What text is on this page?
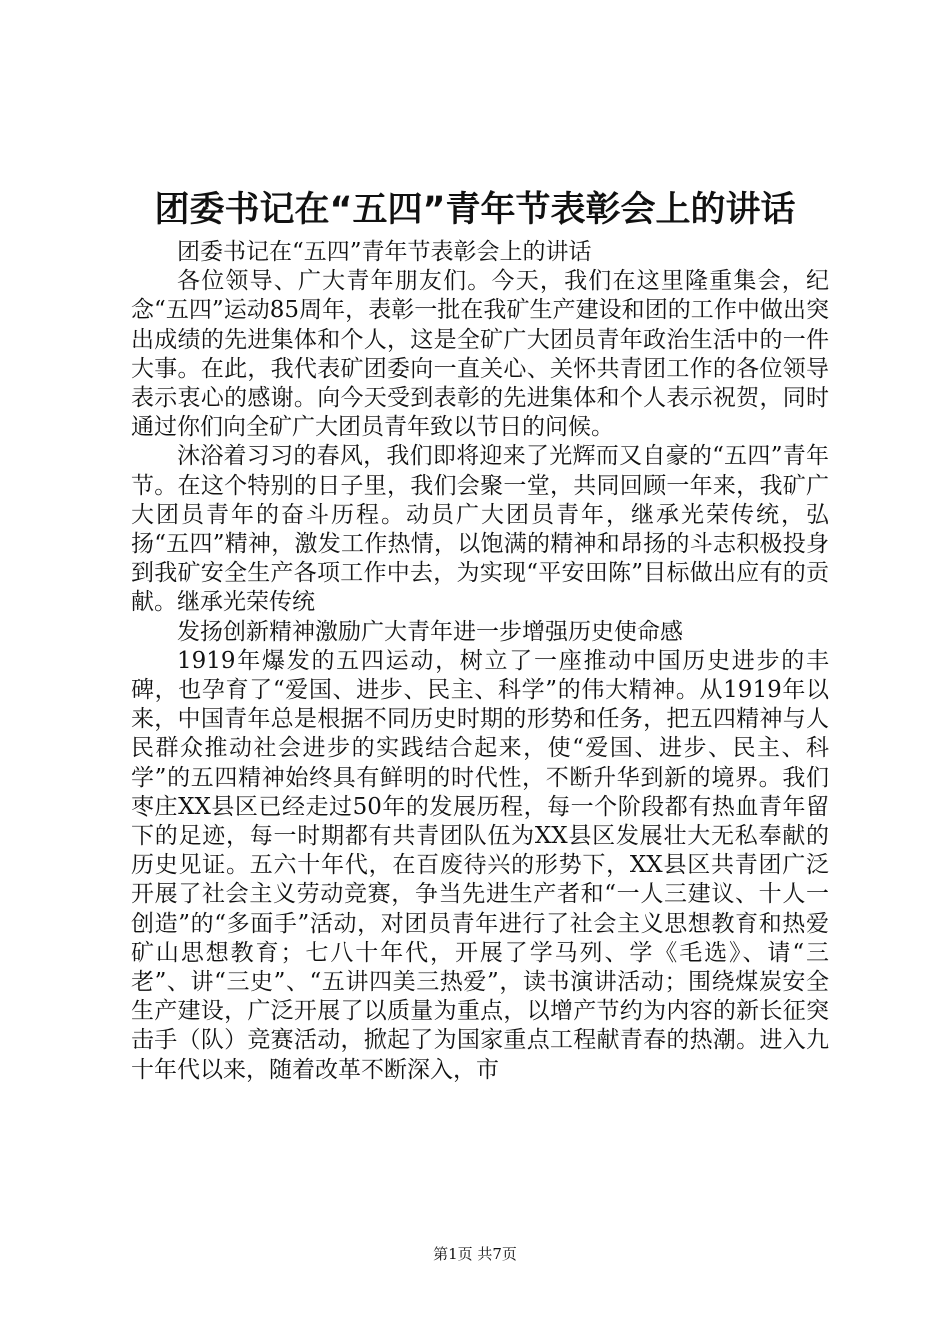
团委书记在“五四”青年节表彰会上的讲话

团委书记在“五四”青年节表彰会上的讲话

各位领导、广大青年朋友们。今天，我们在这里隆重集会，纪念“五四”运动85周年，表彰一批在我矿生产建设和团的工作中做出突出成绩的先进集体和个人，这是全矿广大团员青年政治生活中的一件大事。在此，我代表矿团委向一直关心、关怀共青团工作的各位领导表示衷心的感谢。向今天受到表彰的先进集体和个人表示祝贺，同时通过你们向全矿广大团员青年致以节日的问候。

沐浴着习习的春风，我们即将迎来了光辉而又自豪的“五四”青年节。在这个特别的日子里，我们会聚一堂，共同回顾一年来，我矿广大团员青年的奋斗历程。动员广大团员青年，继承光荣传统，弘扬“五四”精神，激发工作热情，以饱满的精神和昂扬的斗志积极投身到我矿安全生产各项工作中去，为实现“平安田陈”目标做出应有的贡献。继承光荣传统

发扬创新精神激励广大青年进一步增强历史使命感

1919年爆发的五四运动，树立了一座推动中国历史进步的丰碑，也孕育了“爱国、进步、民主、科学”的伟大精神。从1919年以来，中国青年总是根据不同历史时期的形势和任务，把五四精神与人民群众推动社会进步的实践结合起来，使“爱国、进步、民主、科学”的五四精神始终具有鲜明的时代性，不断升华到新的境界。我们枣庄XX县区已经走过50年的发展历程，每一个阶段都有热血青年留下的足迹，每一时期都有共青团队伍为XX县区发展壮大无私奉献的历史见证。五六十年代，在百废待兴的形势下，XX县区共青团广泛开展了社会主义劳动竞赛，争当先进生产者和“一人三建议、十人一创造”的“多面手”活动，对团员青年进行了社会主义思想教育和热爱矿山思想教育；七八十年代，开展了学马列、学《毛选》、请“三老”、讲“三史”、“五讲四美三热爱”，读书演讲活动；围绕煤炭安全生产建设，广泛开展了以质量为重点，以增产节约为内容的新长征突击手（队）竞赛活动，掀起了为国家重点工程献青春的热潮。进入九十年代以来，随着改革不断深入，市

第1页 共7页
